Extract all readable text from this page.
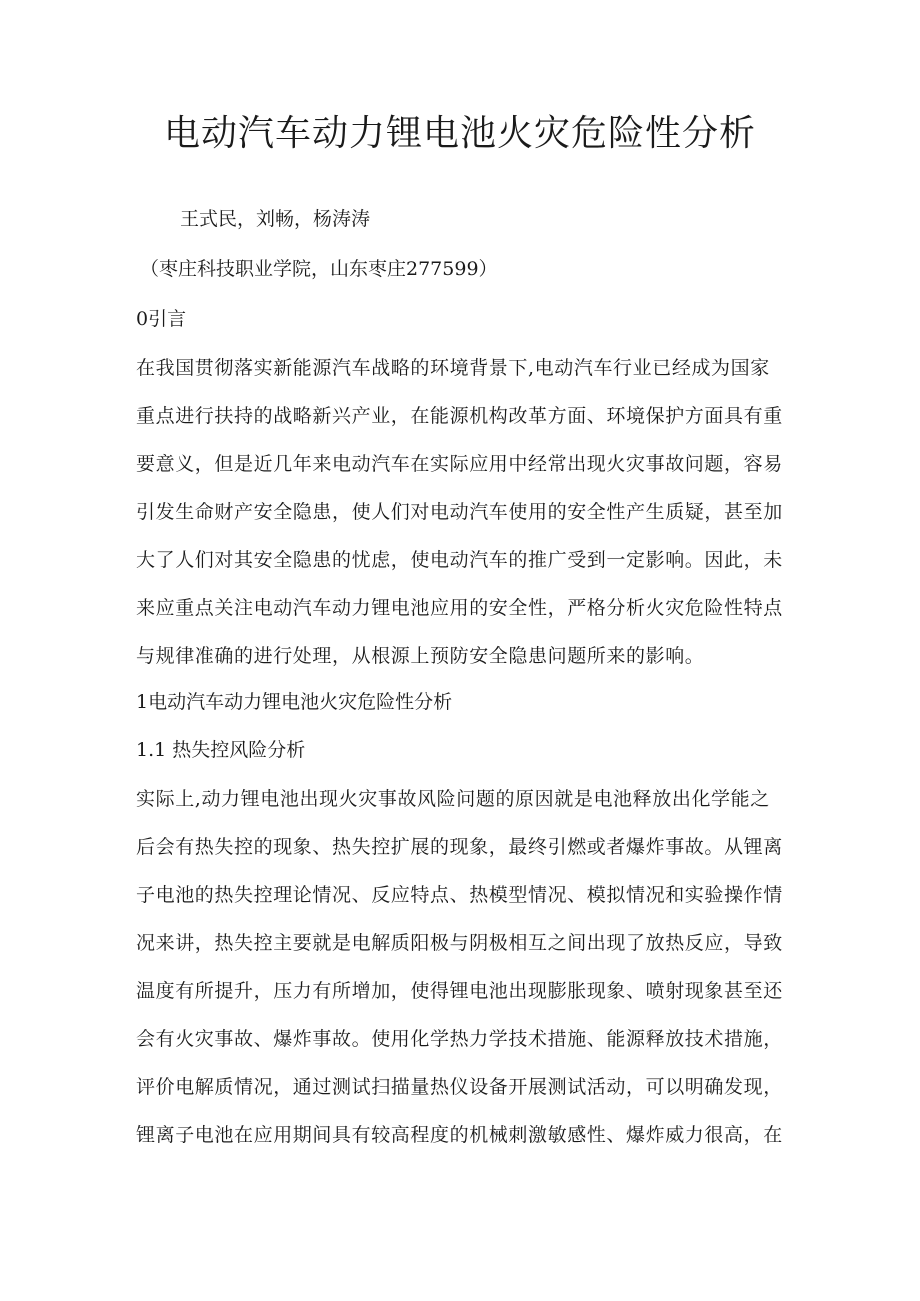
电动汽车动力锂电池火灾危险性分析

王式民，刘畅，杨涛涛

（枣庄科技职业学院，山东枣庄277599）

0引言

在我国贯彻落实新能源汽车战略的环境背景下,电动汽车行业已经成为国家

重点进行扶持的战略新兴产业，在能源机构改革方面、环境保护方面具有重

要意义，但是近几年来电动汽车在实际应用中经常出现火灾事故问题，容易

引发生命财产安全隐患，使人们对电动汽车使用的安全性产生质疑，甚至加

大了人们对其安全隐患的忧虑，使电动汽车的推广受到一定影响。因此，未

来应重点关注电动汽车动力锂电池应用的安全性，严格分析火灾危险性特点

与规律准确的进行处理，从根源上预防安全隐患问题所来的影响。

1电动汽车动力锂电池火灾危险性分析

1.1 热失控风险分析

实际上,动力锂电池出现火灾事故风险问题的原因就是电池释放出化学能之

后会有热失控的现象、热失控扩展的现象，最终引燃或者爆炸事故。从锂离

子电池的热失控理论情况、反应特点、热模型情况、模拟情况和实验操作情

况来讲，热失控主要就是电解质阳极与阴极相互之间出现了放热反应，导致

温度有所提升，压力有所增加，使得锂电池出现膨胀现象、喷射现象甚至还

会有火灾事故、爆炸事故。使用化学热力学技术措施、能源释放技术措施，

评价电解质情况，通过测试扫描量热仪设备开展测试活动，可以明确发现，

锂离子电池在应用期间具有较高程度的机械刺激敏感性、爆炸威力很高，在
